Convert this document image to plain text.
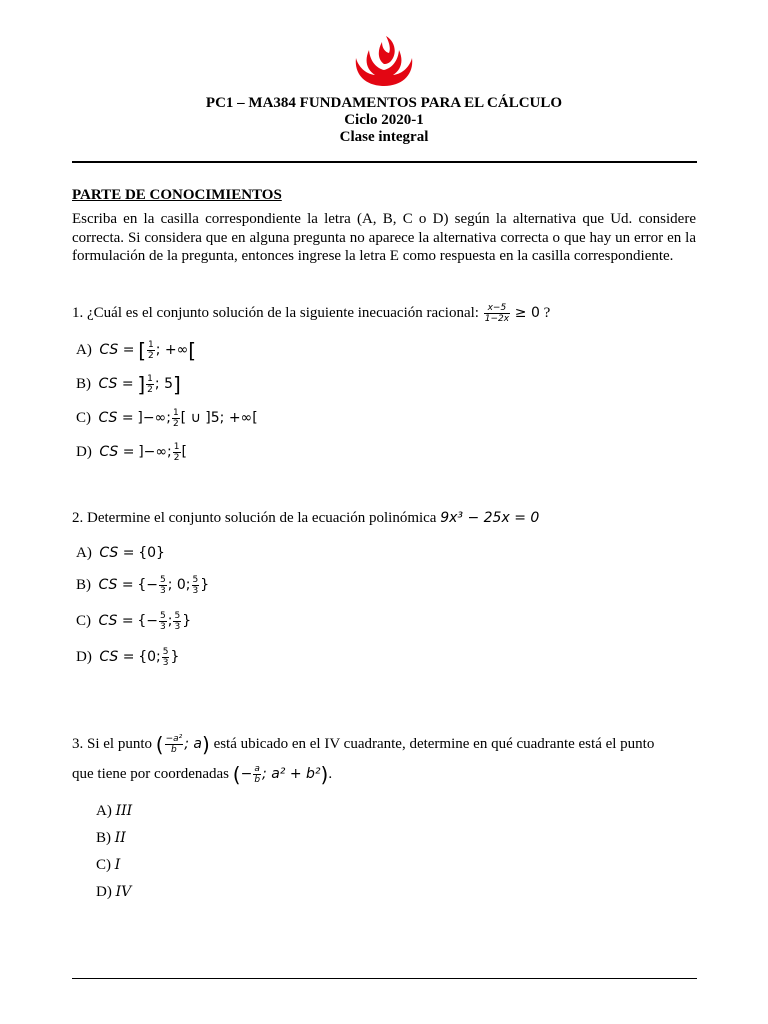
PC1 – MA384 FUNDAMENTOS PARA EL CÁLCULO
Ciclo 2020-1
Clase integral
PARTE DE CONOCIMIENTOS
Escriba en la casilla correspondiente la letra (A, B, C o D) según la alternativa que Ud. considere correcta. Si considera que en alguna pregunta no aparece la alternativa correcta o que hay un error en la formulación de la pregunta, entonces ingrese la letra E como respuesta en la casilla correspondiente.
1. ¿Cuál es el conjunto solución de la siguiente inecuación racional: $\frac{x-5}{1-2x} \ge 0$ ?
A) CS = [ $\frac{1}{2}$ ; +∞[
B) CS = ] $\frac{1}{2}$ ; 5]
C) CS = ]−∞; $\frac{1}{2}$ [ ∪ ]5; +∞[
D) CS = ]−∞; $\frac{1}{2}$ [
2. Determine el conjunto solución de la ecuación polinómica 9x³ − 25x = 0
A) CS = {0}
B) CS = {− $\frac{5}{3}$ ; 0; $\frac{5}{3}$ }
C) CS = {− $\frac{5}{3}$ ; $\frac{5}{3}$ }
D) CS = {0; $\frac{5}{3}$ }
3. Si el punto ( $\frac{\text{−a²}}{b}$ ; a) está ubicado en el IV cuadrante, determine en qué cuadrante está el punto
que tiene por coordenadas (− $\frac{a}{b}$ ; a² + b²).
A) III
B) II
C) I
D) IV
